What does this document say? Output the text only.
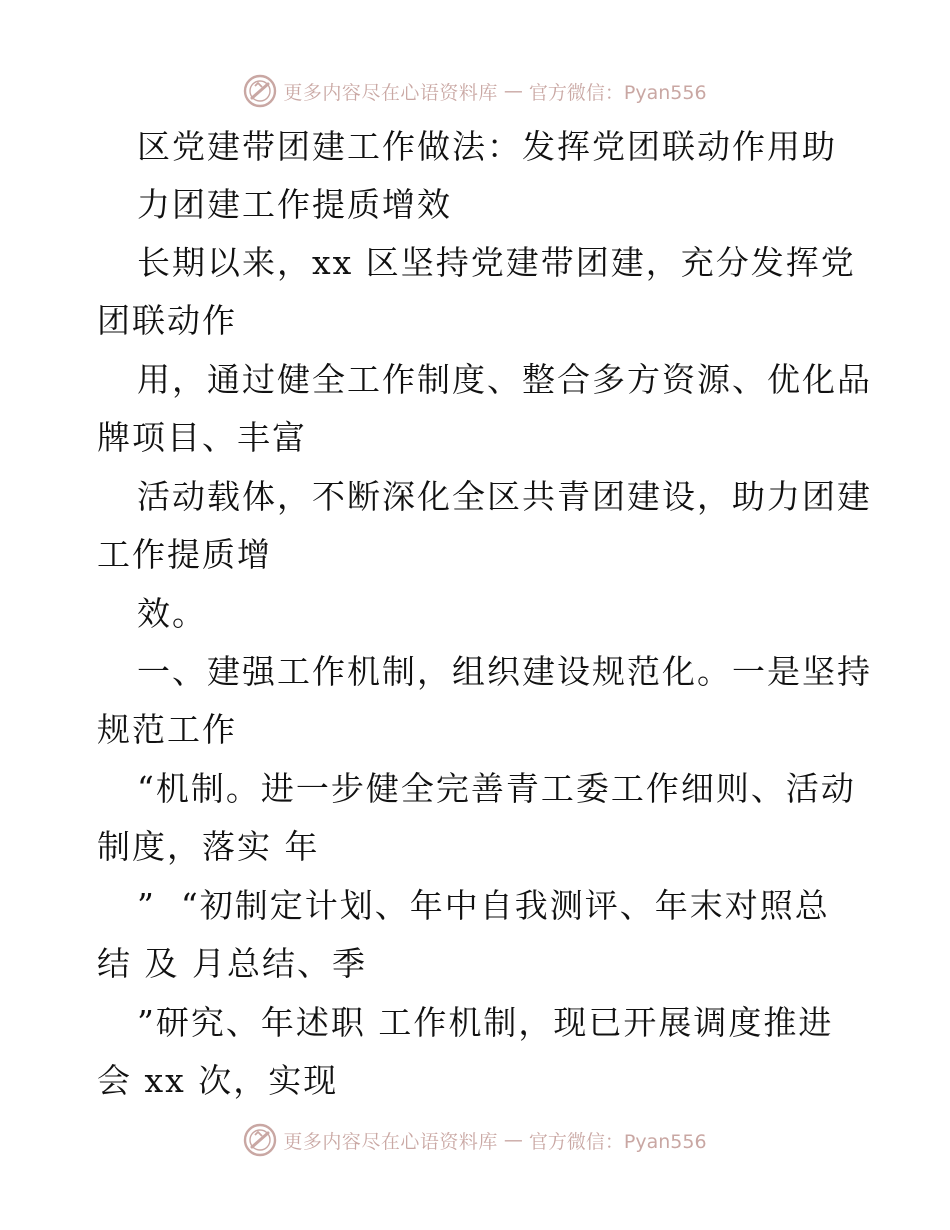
更多内容尽在心语资料库 — 官方微信：Pyan556
区党建带团建工作做法：发挥党团联动作用助
力团建工作提质增效
长期以来，xx 区坚持党建带团建，充分发挥党
团联动作
用，通过健全工作制度、整合多方资源、优化品
牌项目、丰富
活动载体，不断深化全区共青团建设，助力团建
工作提质增
效。
一、建强工作机制，组织建设规范化。一是坚持
规范工作
“机制。进一步健全完善青工委工作细则、活动
制度，落实 年
”  “初制定计划、年中自我测评、年末对照总
结 及 月总结、季
”研究、年述职 工作机制，现已开展调度推进
会 xx 次，实现
更多内容尽在心语资料库 — 官方微信：Pyan556
